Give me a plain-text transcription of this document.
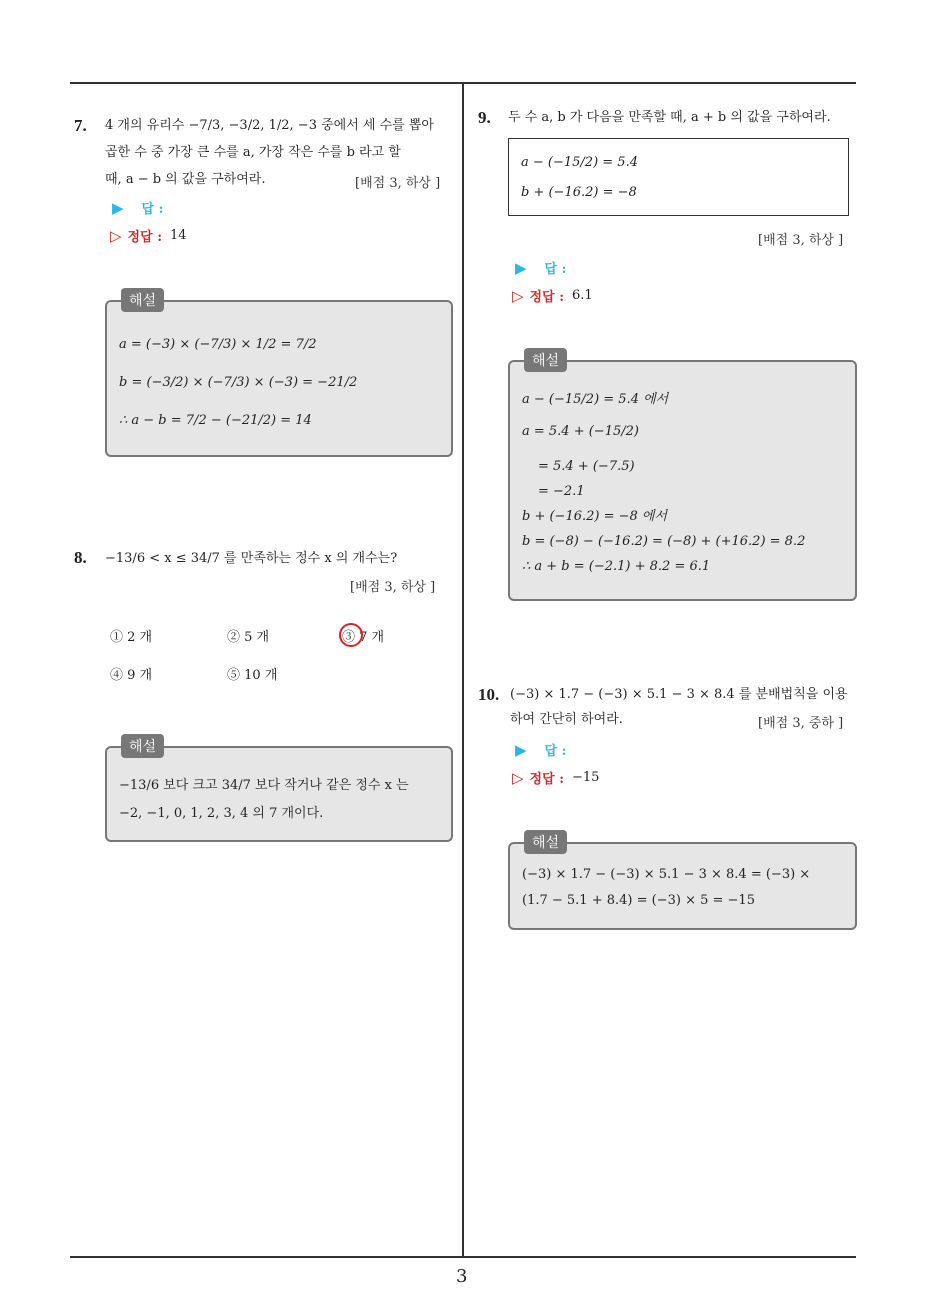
7. 4 개의 유리수 −7/3, −3/2, 1/2, −3 중에서 세 수를 뽑아
곱한 수 중 가장 큰 수를 a, 가장 작은 수를 b 라고 할
때, a − b 의 값을 구하여라.	[배점 3, 하상 ]
▶ 답 :
▷ 정답 : 14
해설
a = (−3) × (−7/3) × 1/2 = 7/2
b = (−3/2) × (−7/3) × (−3) = −21/2
∴ a − b = 7/2 − (−21/2) = 14
8. −13/6 < x ≤ 34/7 를 만족하는 정수 x 의 개수는?
[배점 3, 하상 ]
① 2 개	② 5 개	③ 7 개
④ 9 개	⑤ 10 개
해설
−13/6 보다 크고 34/7 보다 작거나 같은 정수 x 는
−2, −1, 0, 1, 2, 3, 4 의 7 개이다.
9. 두 수 a, b 가 다음을 만족할 때, a + b 의 값을 구하여라.
a − (−15/2) = 5.4
b + (−16.2) = −8
[배점 3, 하상 ]
▶ 답 :
▷ 정답 : 6.1
해설
a − (−15/2) = 5.4 에서
a = 5.4 + (−15/2)
= 5.4 + (−7.5)
= −2.1
b + (−16.2) = −8 에서
b = (−8) − (−16.2) = (−8) + (+16.2) = 8.2
∴ a + b = (−2.1) + 8.2 = 6.1
10. (−3) × 1.7 − (−3) × 5.1 − 3 × 8.4 를 분배법칙을 이용
하여 간단히 하여라.	[배점 3, 중하 ]
▶ 답 :
▷ 정답 : −15
해설
(−3) × 1.7 − (−3) × 5.1 − 3 × 8.4 = (−3) ×
(1.7 − 5.1 + 8.4) = (−3) × 5 = −15
3
